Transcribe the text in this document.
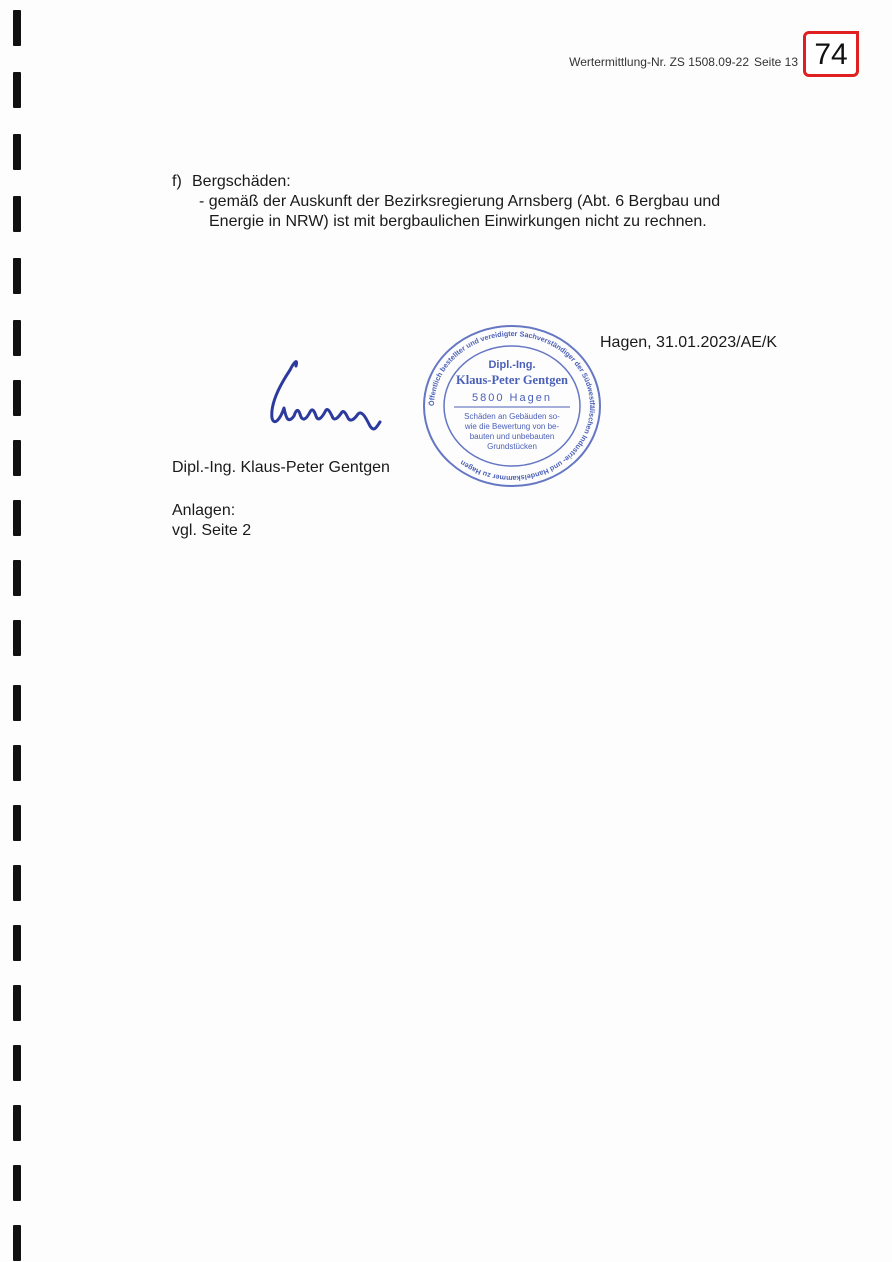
Wertermittlung-Nr. ZS 1508.09-22 Seite 13 74
f) Bergschäden:
- gemäß der Auskunft der Bezirksregierung Arnsberg (Abt. 6 Bergbau und
Energie in NRW) ist mit bergbaulichen Einwirkungen nicht zu rechnen.
Hagen, 31.01.2023/AE/K
Öffentlich bestellter und vereidigter Sachverständiger der Südwestfälischen Industrie- und Handelskammer zu Hagen
Dipl.-Ing.
Klaus-Peter Gentgen
5800 Hagen
Schäden an Gebäuden so-
wie die Bewertung von be-
bauten und unbebauten
Grundstücken
Dipl.-Ing. Klaus-Peter Gentgen
Anlagen:
vgl. Seite 2
